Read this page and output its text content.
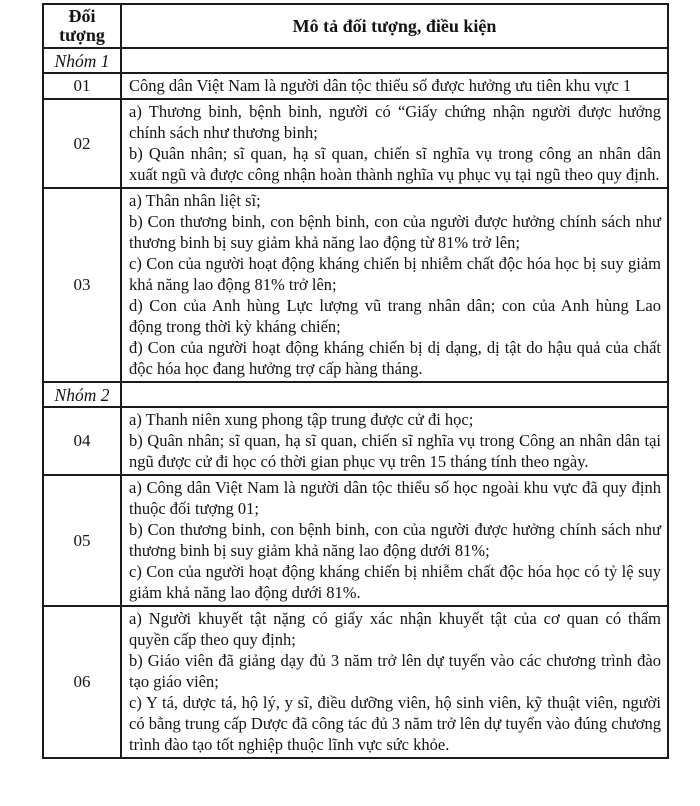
Đối tượng	Mô tả đối tượng, điều kiện
Nhóm 1	
01	Công dân Việt Nam là người dân tộc thiểu số được hưởng ưu tiên khu vực 1

02	a) Thương binh, bệnh binh, người có “Giấy chứng nhận người được hưởng chính sách như thương binh;

b) Quân nhân; sĩ quan, hạ sĩ quan, chiến sĩ nghĩa vụ trong công an nhân dân xuất ngũ và được công nhận hoàn thành nghĩa vụ phục vụ tại ngũ theo quy định.

03	a) Thân nhân liệt sĩ;

b) Con thương binh, con bệnh binh, con của người được hưởng chính sách như thương binh bị suy giảm khả năng lao động từ 81% trở lên;

c) Con của người hoạt động kháng chiến bị nhiễm chất độc hóa học bị suy giảm khả năng lao động 81% trở lên;

d) Con của Anh hùng Lực lượng vũ trang nhân dân; con của Anh hùng Lao động trong thời kỳ kháng chiến;

đ) Con của người hoạt động kháng chiến bị dị dạng, dị tật do hậu quả của chất độc hóa học đang hưởng trợ cấp hàng tháng.

Nhóm 2	
04	a) Thanh niên xung phong tập trung được cử đi học;

b) Quân nhân; sĩ quan, hạ sĩ quan, chiến sĩ nghĩa vụ trong Công an nhân dân tại ngũ được cử đi học có thời gian phục vụ trên 15 tháng tính theo ngày.

05	a) Công dân Việt Nam là người dân tộc thiểu số học ngoài khu vực đã quy định thuộc đối tượng 01;

b) Con thương binh, con bệnh binh, con của người được hưởng chính sách như thương binh bị suy giảm khả năng lao động dưới 81%;

c) Con của người hoạt động kháng chiến bị nhiễm chất độc hóa học có tỷ lệ suy giảm khả năng lao động dưới 81%.

06	a) Người khuyết tật nặng có giấy xác nhận khuyết tật của cơ quan có thẩm quyền cấp theo quy định;

b) Giáo viên đã giảng dạy đủ 3 năm trở lên dự tuyển vào các chương trình đào tạo giáo viên;

c) Y tá, dược tá, hộ lý, y sĩ, điều dưỡng viên, hộ sinh viên, kỹ thuật viên, người có bằng trung cấp Dược đã công tác đủ 3 năm trở lên dự tuyển vào đúng chương trình đào tạo tốt nghiệp thuộc lĩnh vực sức khỏe.
